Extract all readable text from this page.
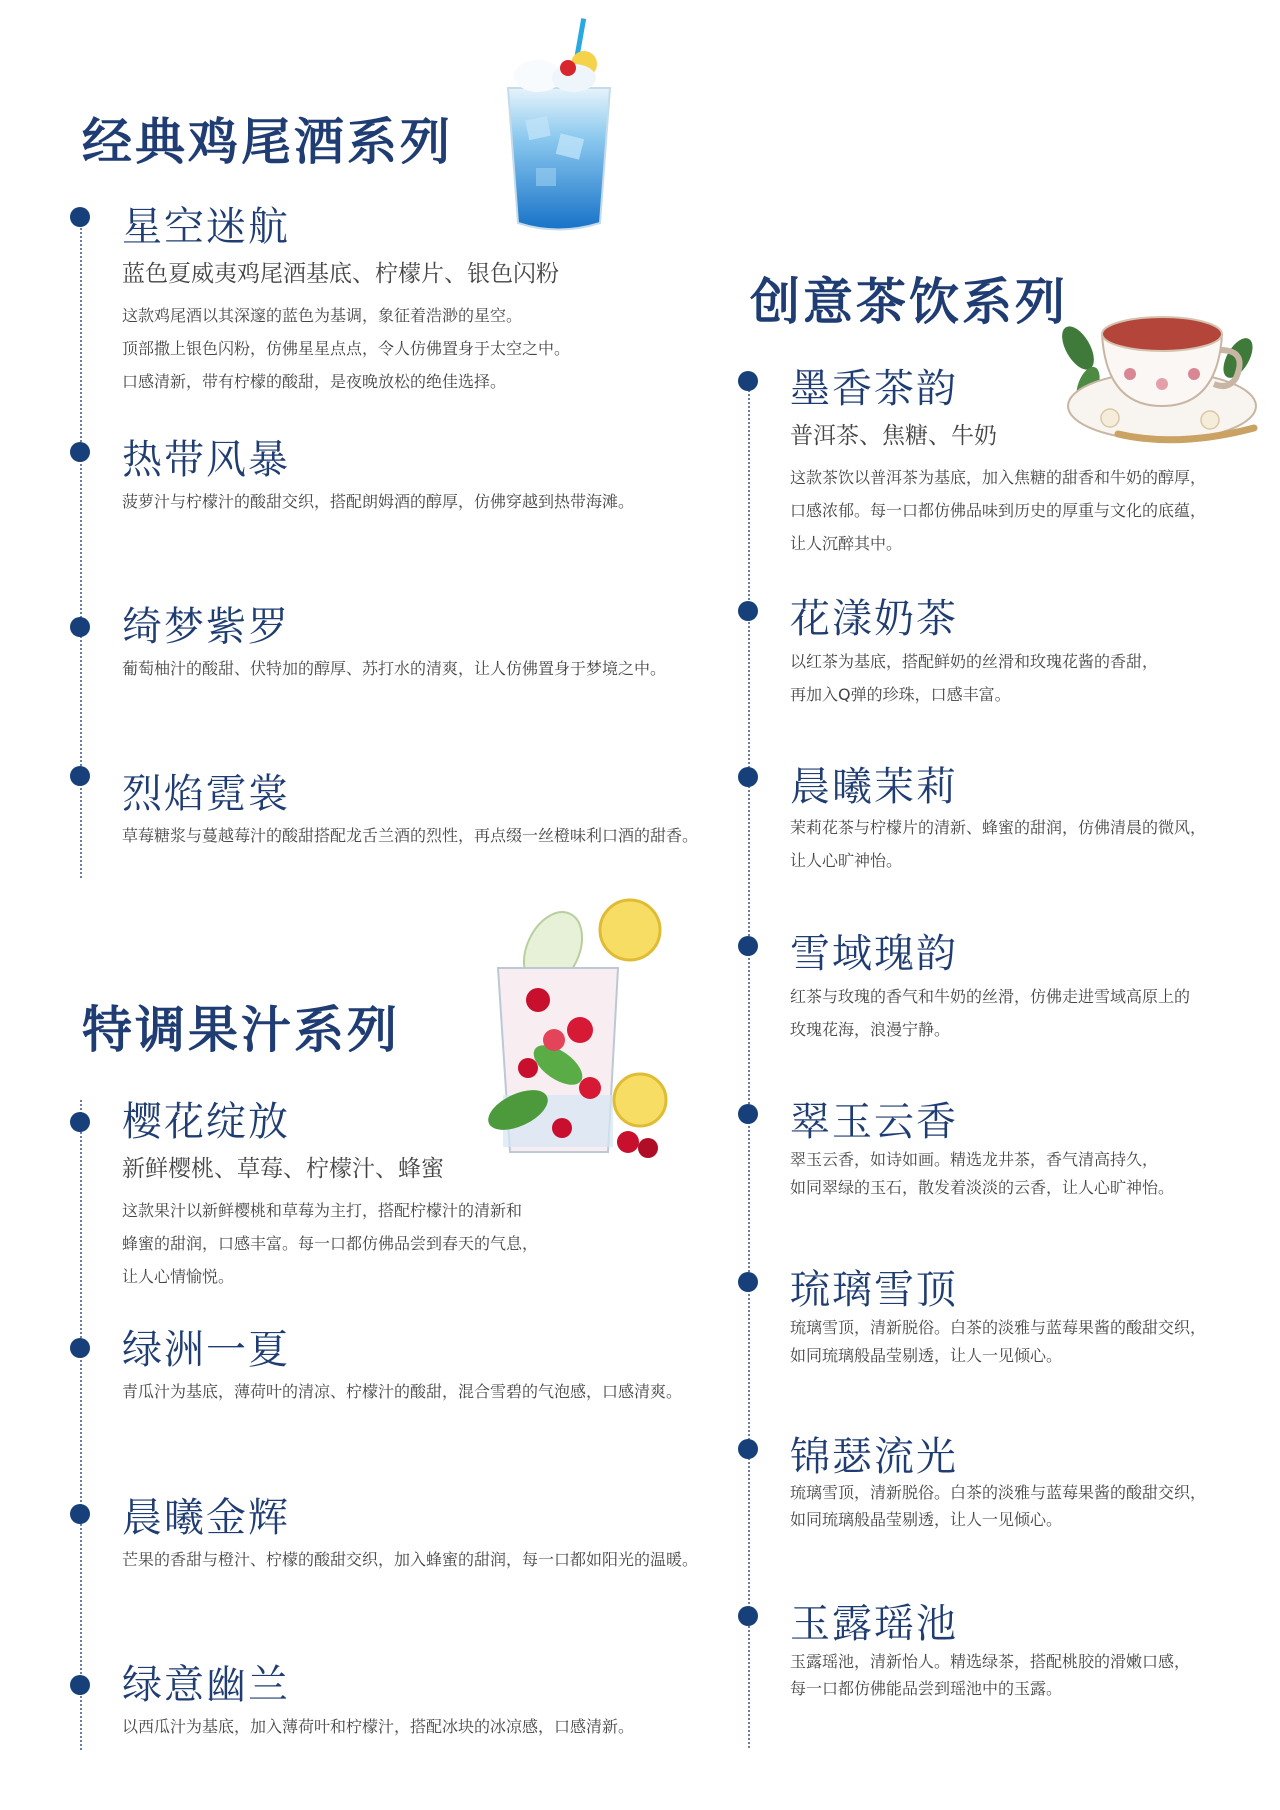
经典鸡尾酒系列
星空迷航
蓝色夏威夷鸡尾酒基底、柠檬片、银色闪粉
这款鸡尾酒以其深邃的蓝色为基调，象征着浩渺的星空。
顶部撒上银色闪粉，仿佛星星点点，令人仿佛置身于太空之中。
口感清新，带有柠檬的酸甜，是夜晚放松的绝佳选择。
热带风暴
菠萝汁与柠檬汁的酸甜交织，搭配朗姆酒的醇厚，仿佛穿越到热带海滩。
绮梦紫罗
葡萄柚汁的酸甜、伏特加的醇厚、苏打水的清爽，让人仿佛置身于梦境之中。
烈焰霓裳
草莓糖浆与蔓越莓汁的酸甜搭配龙舌兰酒的烈性，再点缀一丝橙味利口酒的甜香。
特调果汁系列
樱花绽放
新鲜樱桃、草莓、柠檬汁、蜂蜜
这款果汁以新鲜樱桃和草莓为主打，搭配柠檬汁的清新和
蜂蜜的甜润，口感丰富。每一口都仿佛品尝到春天的气息，
让人心情愉悦。
绿洲一夏
青瓜汁为基底，薄荷叶的清凉、柠檬汁的酸甜，混合雪碧的气泡感，口感清爽。
晨曦金辉
芒果的香甜与橙汁、柠檬的酸甜交织，加入蜂蜜的甜润，每一口都如阳光的温暖。
绿意幽兰
以西瓜汁为基底，加入薄荷叶和柠檬汁，搭配冰块的冰凉感，口感清新。
创意茶饮系列
墨香茶韵
普洱茶、焦糖、牛奶
这款茶饮以普洱茶为基底，加入焦糖的甜香和牛奶的醇厚，
口感浓郁。每一口都仿佛品味到历史的厚重与文化的底蕴，
让人沉醉其中。
花漾奶茶
以红茶为基底，搭配鲜奶的丝滑和玫瑰花酱的香甜，
再加入Q弹的珍珠，口感丰富。
晨曦茉莉
茉莉花茶与柠檬片的清新、蜂蜜的甜润，仿佛清晨的微风，
让人心旷神怡。
雪域瑰韵
红茶与玫瑰的香气和牛奶的丝滑，仿佛走进雪域高原上的
玫瑰花海，浪漫宁静。
翠玉云香
翠玉云香，如诗如画。精选龙井茶，香气清高持久，
如同翠绿的玉石，散发着淡淡的云香，让人心旷神怡。
琉璃雪顶
琉璃雪顶，清新脱俗。白茶的淡雅与蓝莓果酱的酸甜交织，
如同琉璃般晶莹剔透，让人一见倾心。
锦瑟流光
琉璃雪顶，清新脱俗。白茶的淡雅与蓝莓果酱的酸甜交织，
如同琉璃般晶莹剔透，让人一见倾心。
玉露瑶池
玉露瑶池，清新怡人。精选绿茶，搭配桃胶的滑嫩口感，
每一口都仿佛能品尝到瑶池中的玉露。
